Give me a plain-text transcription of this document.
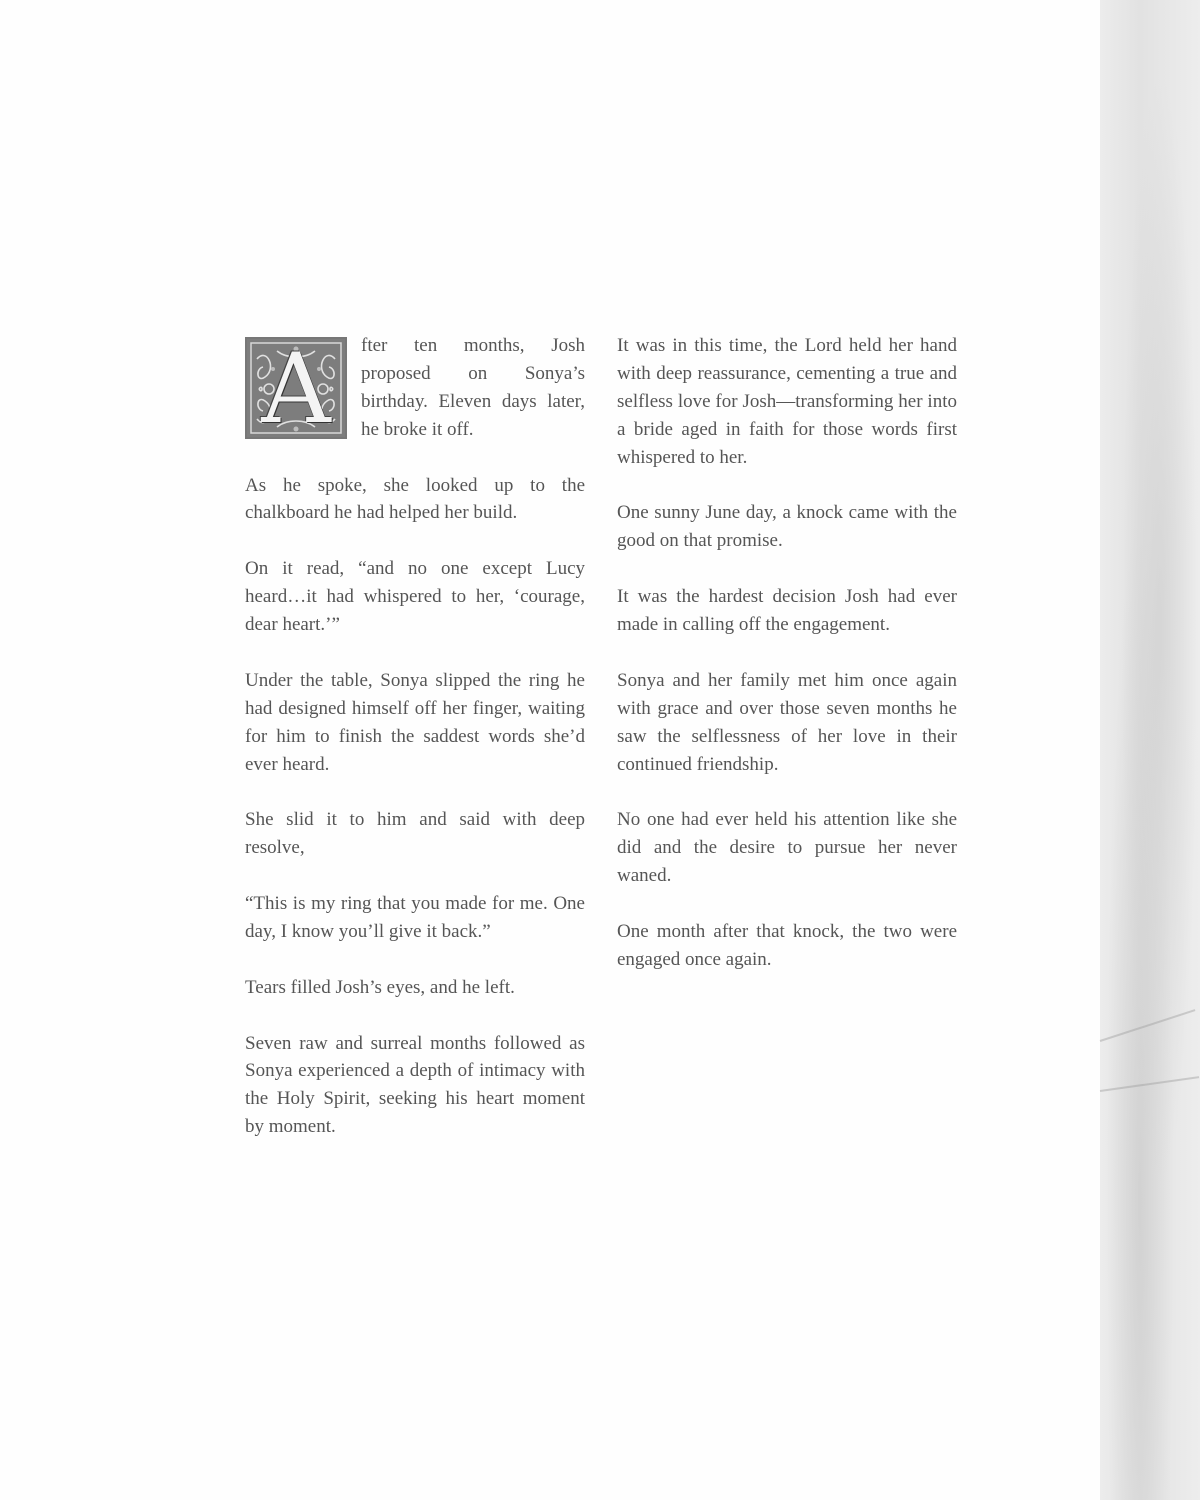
A	fter ten months, Josh proposed on Sonya’s birthday. Eleven days later, he broke it off.

As he spoke, she looked up to the chalkboard he had helped her build.

On it read, “and no one except Lucy heard…it had whispered to her, ‘courage, dear heart.’”

Under the table, Sonya slipped the ring he had designed himself off her finger, waiting for him to finish the saddest words she’d ever heard.

She slid it to him and said with deep resolve,

“This is my ring that you made for me. One day, I know you’ll give it back.”

Tears filled Josh’s eyes, and he left.

Seven raw and surreal months followed as Sonya experienced a depth of intimacy with the Holy Spirit, seeking his heart moment by moment.

It was in this time, the Lord held her hand with deep reassurance, cementing a true and selfless love for Josh—transforming her into a bride aged in faith for those words first whispered to her.

One sunny June day, a knock came with the good on that promise.

It was the hardest decision Josh had ever made in calling off the engagement.

Sonya and her family met him once again with grace and over those seven months he saw the selflessness of her love in their continued friendship.

No one had ever held his attention like she did and the desire to pursue her never waned.

One month after that knock, the two were engaged once again.
